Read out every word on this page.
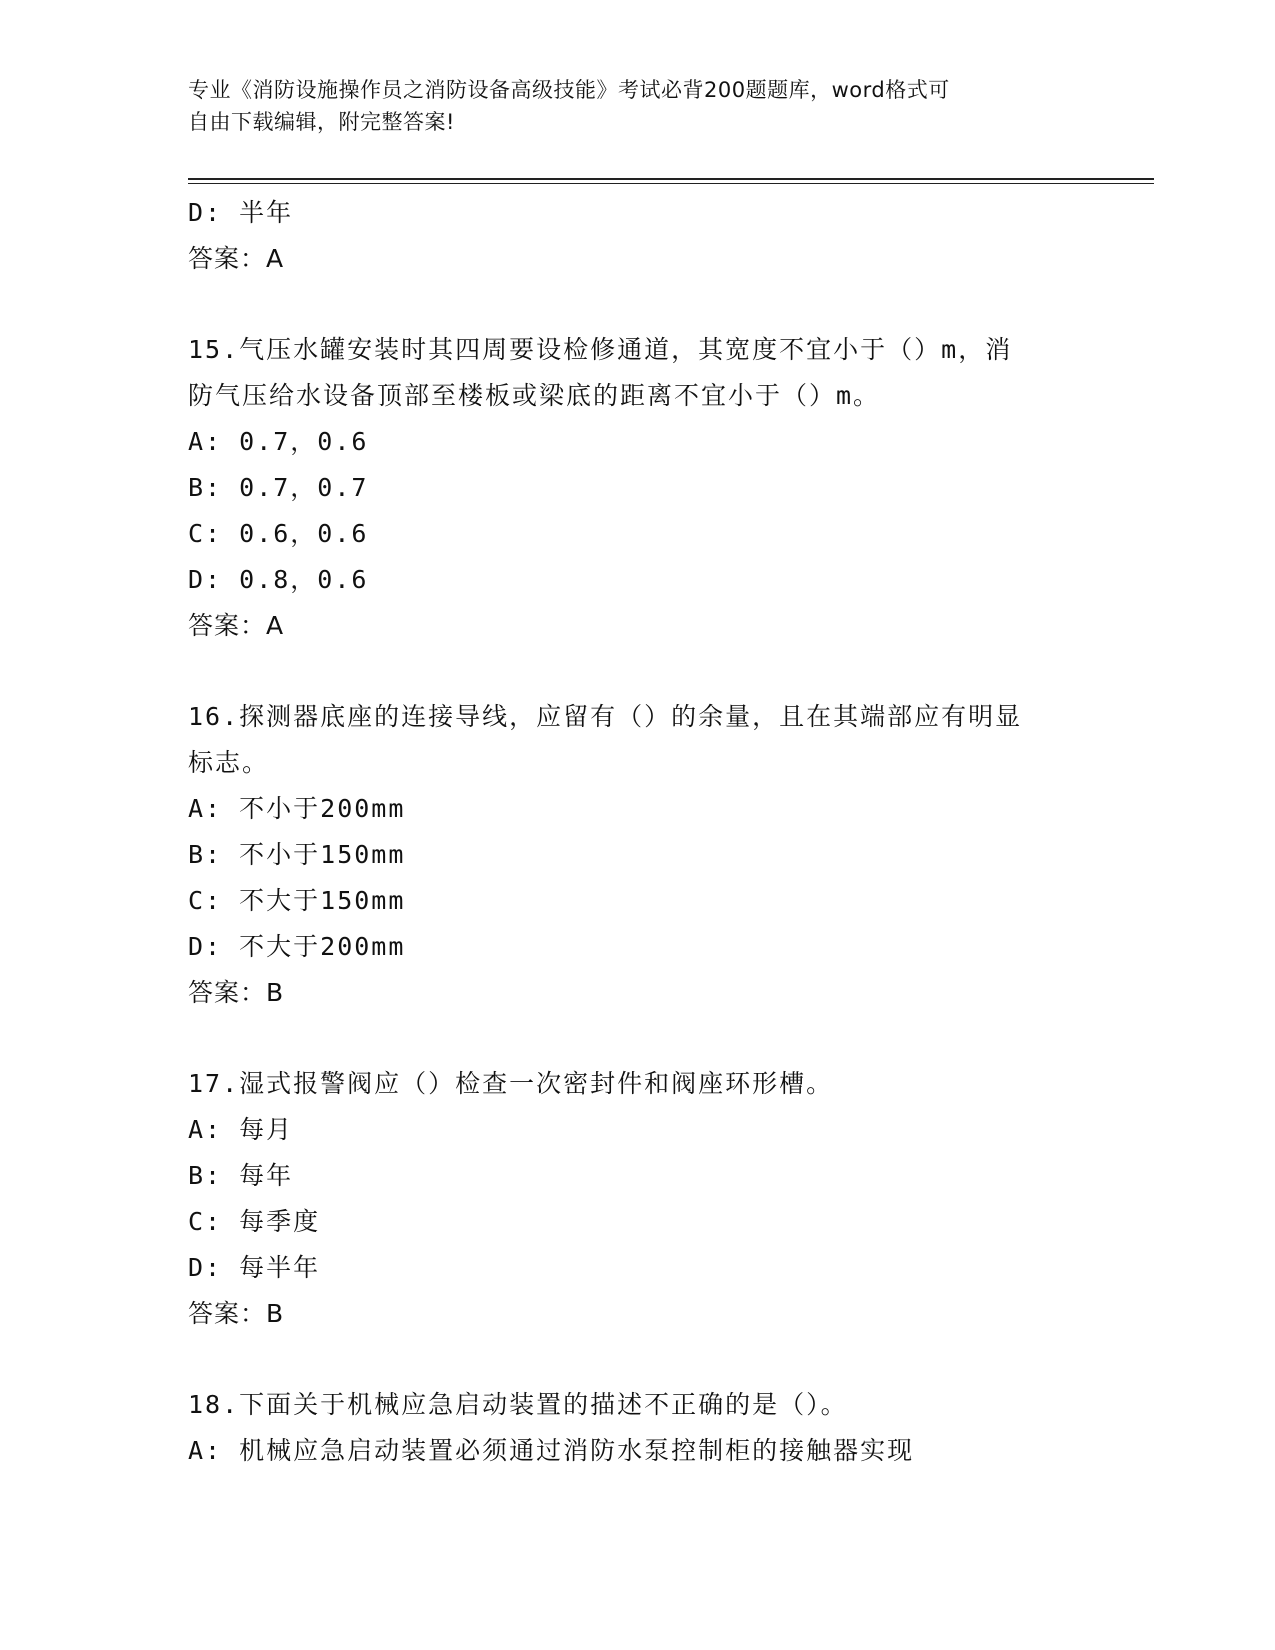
专业《消防设施操作员之消防设备高级技能》考试必背200题题库，word格式可
自由下载编辑，附完整答案!
D: 半年
答案：A
15.气压水罐安装时其四周要设检修通道，其宽度不宜小于（）m，消
防气压给水设备顶部至楼板或梁底的距离不宜小于（）m。
A: 0.7，0.6
B: 0.7，0.7
C: 0.6，0.6
D: 0.8，0.6
答案：A
16.探测器底座的连接导线，应留有（）的余量，且在其端部应有明显
标志。
A: 不小于200mm
B: 不小于150mm
C: 不大于150mm
D: 不大于200mm
答案：B
17.湿式报警阀应（）检查一次密封件和阀座环形槽。
A: 每月
B: 每年
C: 每季度
D: 每半年
答案：B
18.下面关于机械应急启动装置的描述不正确的是（）。
A: 机械应急启动装置必须通过消防水泵控制柜的接触器实现
